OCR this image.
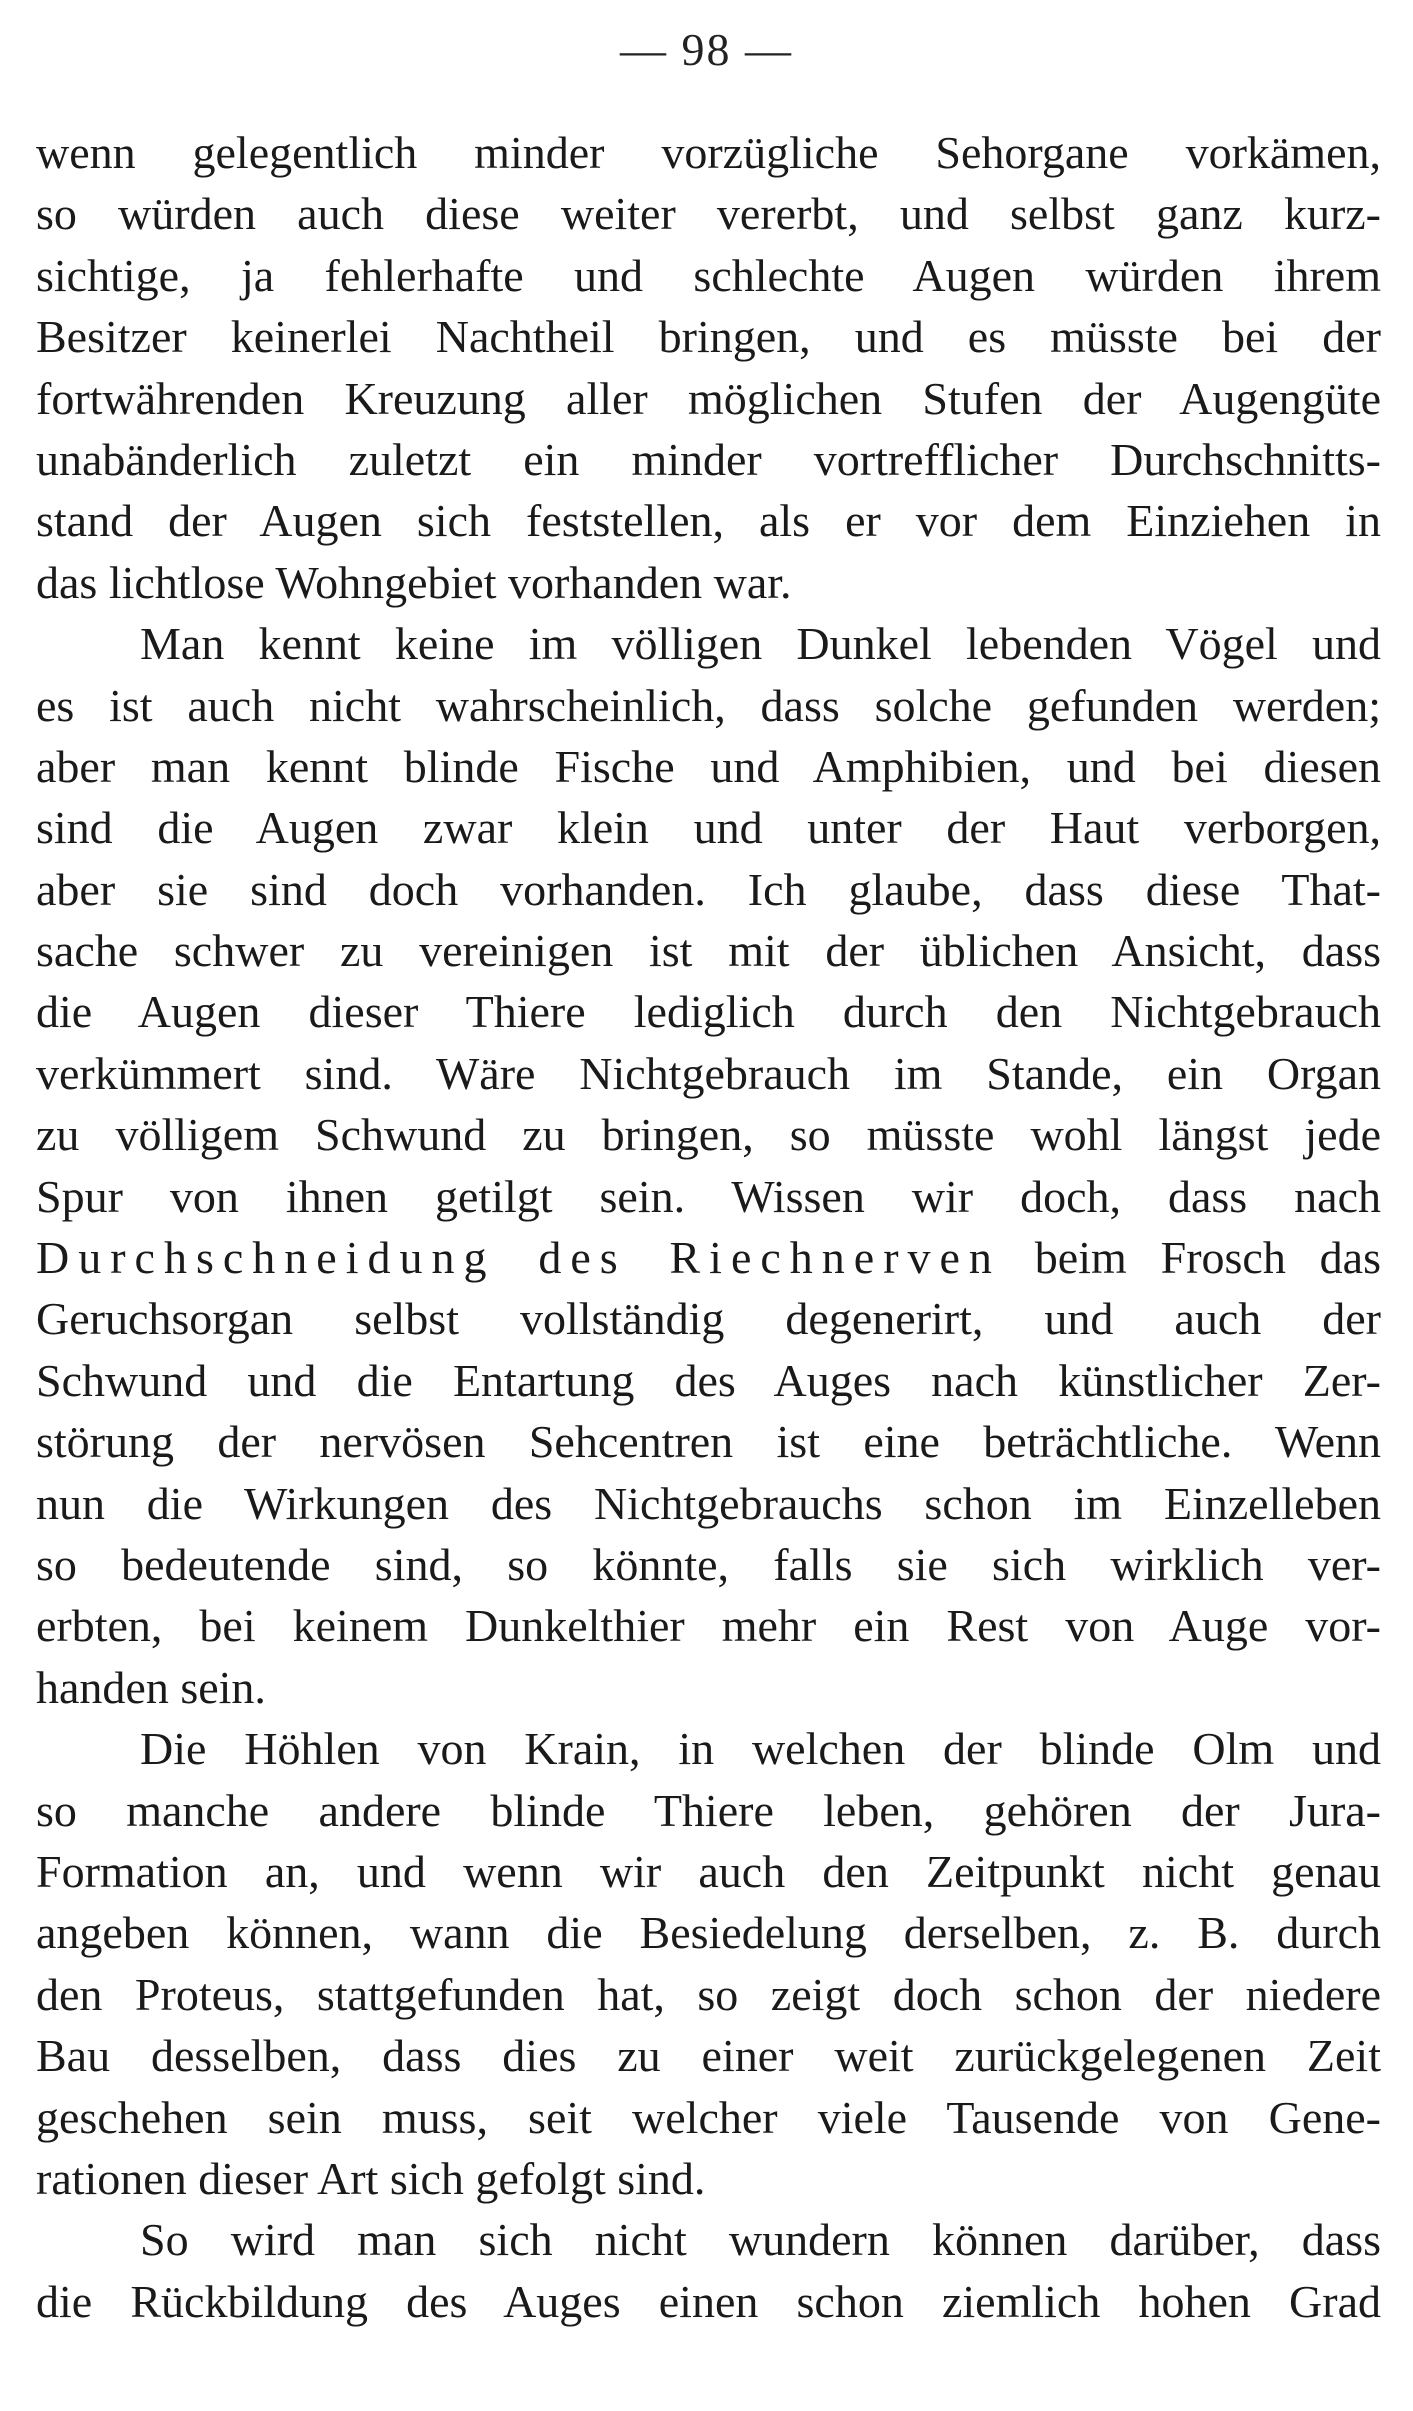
— 98 —
wenn gelegentlich minder vorzügliche Sehorgane vorkämen,
so würden auch diese weiter vererbt, und selbst ganz kurz-
sichtige, ja fehlerhafte und schlechte Augen würden ihrem
Besitzer keinerlei Nachtheil bringen, und es müsste bei der
fortwährenden Kreuzung aller möglichen Stufen der Augengüte
unabänderlich zuletzt ein minder vortrefflicher Durchschnitts-
stand der Augen sich feststellen, als er vor dem Einziehen in
das lichtlose Wohngebiet vorhanden war.
Man kennt keine im völligen Dunkel lebenden Vögel und
es ist auch nicht wahrscheinlich, dass solche gefunden werden;
aber man kennt blinde Fische und Amphibien, und bei diesen
sind die Augen zwar klein und unter der Haut verborgen,
aber sie sind doch vorhanden. Ich glaube, dass diese That-
sache schwer zu vereinigen ist mit der üblichen Ansicht, dass
die Augen dieser Thiere lediglich durch den Nichtgebrauch
verkümmert sind. Wäre Nichtgebrauch im Stande, ein Organ
zu völligem Schwund zu bringen, so müsste wohl längst jede
Spur von ihnen getilgt sein. Wissen wir doch, dass nach
Durchschneidung des Riechnerven beim Frosch das
Geruchsorgan selbst vollständig degenerirt, und auch der
Schwund und die Entartung des Auges nach künstlicher Zer-
störung der nervösen Sehcentren ist eine beträchtliche. Wenn
nun die Wirkungen des Nichtgebrauchs schon im Einzelleben
so bedeutende sind, so könnte, falls sie sich wirklich ver-
erbten, bei keinem Dunkelthier mehr ein Rest von Auge vor-
handen sein.
Die Höhlen von Krain, in welchen der blinde Olm und
so manche andere blinde Thiere leben, gehören der Jura-
Formation an, und wenn wir auch den Zeitpunkt nicht genau
angeben können, wann die Besiedelung derselben, z. B. durch
den Proteus, stattgefunden hat, so zeigt doch schon der niedere
Bau desselben, dass dies zu einer weit zurückgelegenen Zeit
geschehen sein muss, seit welcher viele Tausende von Gene-
rationen dieser Art sich gefolgt sind.
So wird man sich nicht wundern können darüber, dass
die Rückbildung des Auges einen schon ziemlich hohen Grad
